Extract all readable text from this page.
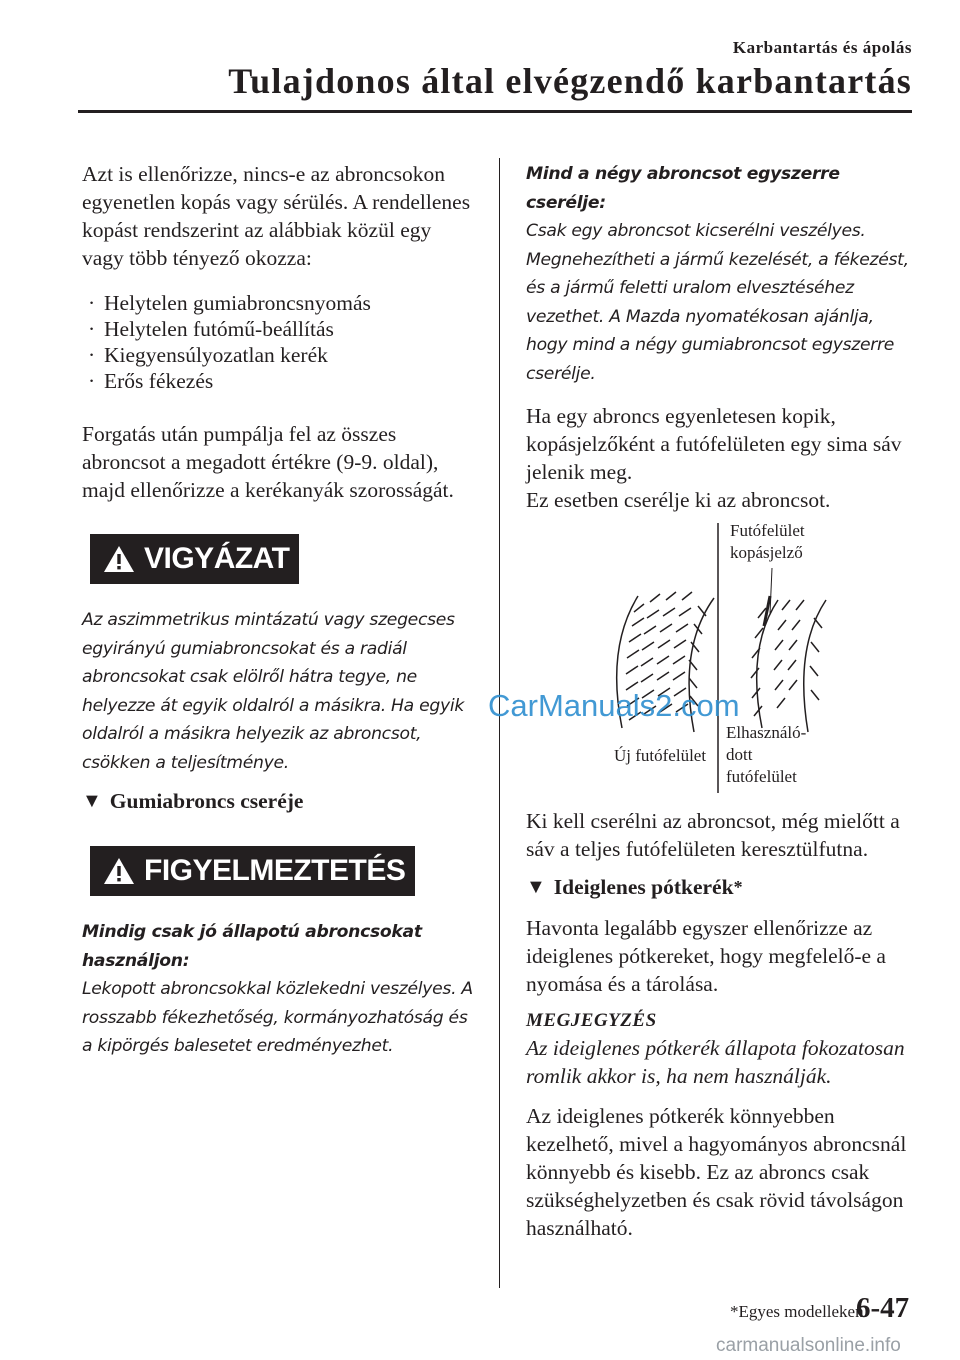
Karbantartás és ápolás
Tulajdonos által elvégzendő karbantartás

Azt is ellenőrizze, nincs-e az abroncsokon egyenetlen kopás vagy sérülés. A rendellenes kopást rendszerint az alábbiak közül egy vagy több tényező okozza:

· Helytelen gumiabroncsnyomás
· Helytelen futómű-beállítás
· Kiegyensúlyozatlan kerék
· Erős fékezés

Forgatás után pumpálja fel az összes abroncsot a megadott értékre (9-9. oldal), majd ellenőrizze a kerékanyák szorosságát.

VIGYÁZAT

Az aszimmetrikus mintázatú vagy szegecses egyirányú gumiabroncsokat és a radiál abroncsokat csak elölről hátra tegye, ne helyezze át egyik oldalról a másikra. Ha egyik oldalról a másikra helyezik az abroncsot, csökken a teljesítménye.

▼ Gumiabroncs cseréje
FIGYELMEZTETÉS

Mindig csak jó állapotú abroncsokat használjon:
Lekopott abroncsokkal közlekedni veszélyes. A rosszabb fékezhetőség, kormányozhatóság és a kipörgés balesetet eredményezhet.

Mind a négy abroncsot egyszerre cserélje:
Csak egy abroncsot kicserélni veszélyes. Megnehezítheti a jármű kezelését, a fékezést, és a jármű feletti uralom elvesztéséhez vezethet. A Mazda nyomatékosan ajánlja, hogy mind a négy gumiabroncsot egyszerre cserélje.

Ha egy abroncs egyenletesen kopik, kopásjelzőként a futófelületen egy sima sáv jelenik meg.
Ez esetben cserélje ki az abroncsot.

Futófelület
kopásjelző
Új futófelület
Elhasználó-
dott
futófelület

Ki kell cserélni az abroncsot, még mielőtt a sáv a teljes futófelületen keresztülfutna.

▼ Ideiglenes pótkerék *

Havonta legalább egyszer ellenőrizze az ideiglenes pótkereket, hogy megfelelő-e a nyomása és a tárolása.

MEGJEGYZÉS

Az ideiglenes pótkerék állapota fokozatosan romlik akkor is, ha nem használják.

Az ideiglenes pótkerék könnyebben kezelhető, mivel a hagyományos abroncsnál könnyebb és kisebb. Ez az abroncs csak szükséghelyzetben és csak rövid távolságon használható.

*Egyes modelleken.
6-47
CarManuals2.com
carmanualsonline.info
